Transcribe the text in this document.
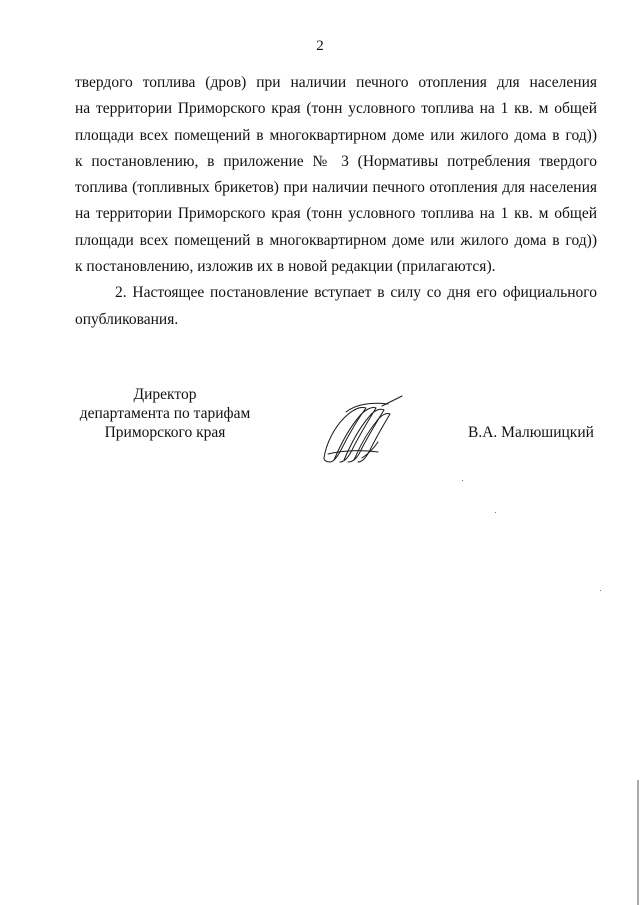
2
твердого топлива (дров) при наличии печного отопления для населения
на территории Приморского края (тонн условного топлива на 1 кв. м общей
площади всех помещений в многоквартирном доме или жилого дома в год))
к постановлению, в приложение № 3 (Нормативы потребления твердого
топлива (топливных брикетов) при наличии печного отопления для населения
на территории Приморского края (тонн условного топлива на 1 кв. м общей
площади всех помещений в многоквартирном доме или жилого дома в год))
к постановлению, изложив их в новой редакции (прилагаются).
2. Настоящее постановление вступает в силу со дня его официального
опубликования.
Директор
департамента по тарифам
Приморского края	В.А. Малюшицкий
